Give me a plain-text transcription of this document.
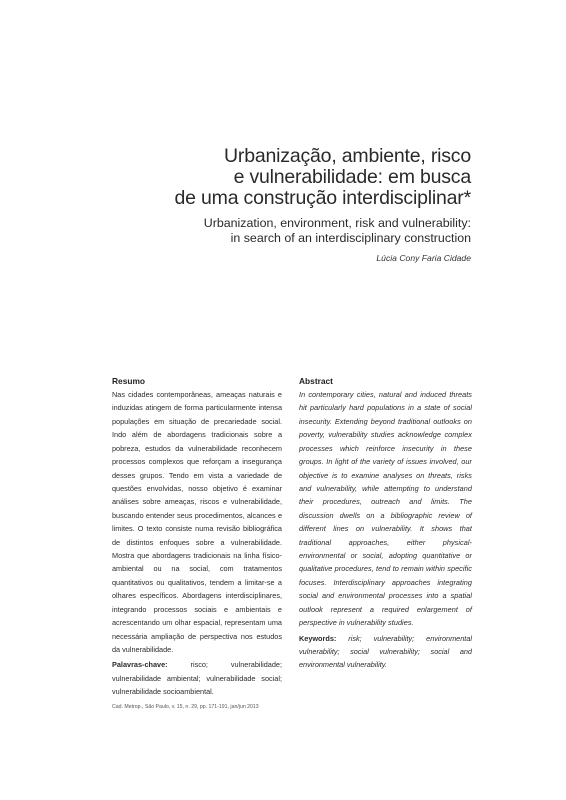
Urbanização, ambiente, risco
e vulnerabilidade: em busca
de uma construção interdisciplinar*
Urbanization, environment, risk and vulnerability:
in search of an interdisciplinary construction
Lúcia Cony Faria Cidade
Resumo

Nas cidades contemporâneas, ameaças naturais e induzidas atingem de forma particularmente intensa populações em situação de precariedade social. Indo além de abordagens tradicionais sobre a pobreza, estudos da vulnerabilidade reconhecem processos complexos que reforçam a insegurança desses grupos. Tendo em vista a variedade de questões envolvidas, nosso objetivo é examinar análises sobre ameaças, riscos e vulnerabilidade, buscando entender seus procedimentos, alcances e limites. O texto consiste numa revisão bibliográfica de distintos enfoques sobre a vulnerabilidade. Mostra que abordagens tradicionais na linha físico-ambiental ou na social, com tratamentos quantitativos ou qualitativos, tendem a limitar-se a olhares específicos. Abordagens interdisciplinares, integrando processos sociais e ambientais e acrescentando um olhar espacial, representam uma necessária ampliação de perspectiva nos estudos da vulnerabilidade.

Palavras-chave:	risco; vulnerabilidade; vulnerabilidade ambiental; vulnerabilidade social; vulnerabilidade socioambiental.
Abstract

In contemporary cities, natural and induced threats hit particularly hard populations in a state of social insecurity. Extending beyond traditional outlooks on poverty, vulnerability studies acknowledge complex processes which reinforce insecurity in these groups. In light of the variety of issues involved, our objective is to examine analyses on threats, risks and vulnerability, while attempting to understand their procedures, outreach and limits. The discussion dwells on a bibliographic review of different lines on vulnerability. It shows that traditional approaches, either physical-environmental or social, adopting quantitative or qualitative procedures, tend to remain within specific focuses. Interdisciplinary approaches integrating social and environmental processes into a spatial outlook represent a required enlargement of perspective in vulnerability studies.

Keywords: risk; vulnerability; environmental vulnerability; social vulnerability; social and environmental vulnerability.
Cad. Metrop., São Paulo, v. 15, n. 29, pp. 171-191, jan/jun 2013
